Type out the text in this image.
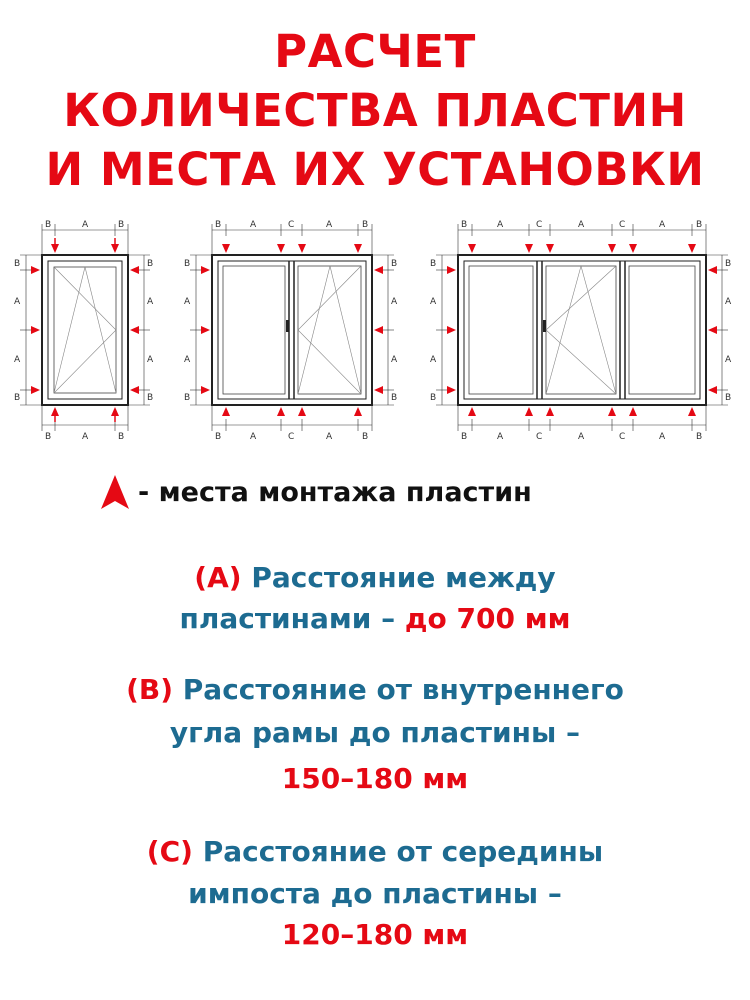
РАСЧЕТ
КОЛИЧЕСТВА ПЛАСТИН
И МЕСТА ИХ УСТАНОВКИ
B	A	B
B	A	B
B
A
A
B
B
A
A
B
B	A	C	A	B
B	A	C	A	B
B
A
A
B
B
A
A
B
B	A	C	A	C	A	B
B	A	C	A	C	A	B
B
A
A
B
B
A
A
B
- места монтажа пластин
(A) Расстояние между
пластинами – до 700 мм
(B) Расстояние от внутреннего
угла рамы до пластины –
150–180 мм
(C) Расстояние от середины
импоста до пластины –
120–180 мм
